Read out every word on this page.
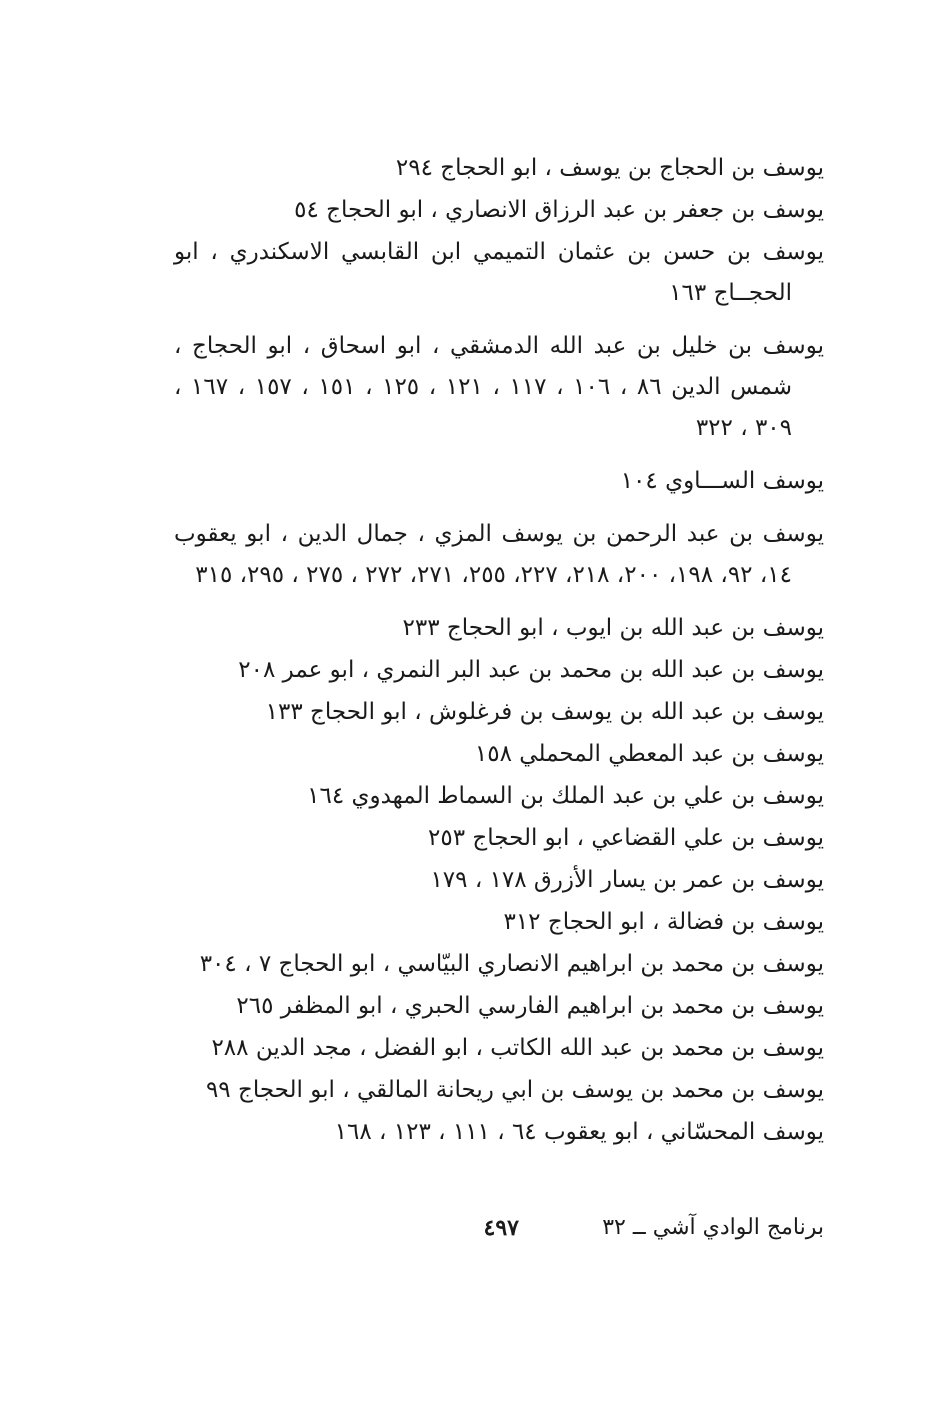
يوسف بن الحجاج بن يوسف ، ابو الحجاج ٢٩٤
يوسف بن جعفر بن عبد الرزاق الانصاري ، ابو الحجاج ٥٤
يوسف بن حسن بن عثمان التميمي ابن القابسي الاسكندري ، ابو الحجــاج ١٦٣
يوسف بن خليل بن عبد الله الدمشقي ، ابو اسحاق ، ابو الحجاج ، شمس الدين ٨٦ ، ١٠٦ ، ١١٧ ، ١٢١ ، ١٢٥ ، ١٥١ ، ١٥٧ ، ١٦٧ ، ٣٠٩ ، ٣٢٢
يوسف الســـاوي ١٠٤
يوسف بن عبد الرحمن بن يوسف المزي ، جمال الدين ، ابو يعقوب ١٤، ٩٢، ١٩٨، ٢٠٠، ٢١٨، ٢٢٧، ٢٥٥، ٢٧١، ٢٧٢ ، ٢٧٥ ، ٢٩٥، ٣١٥
يوسف بن عبد الله بن ايوب ، ابو الحجاج ٢٣٣
يوسف بن عبد الله بن محمد بن عبد البر النمري ، ابو عمر ٢٠٨
يوسف بن عبد الله بن يوسف بن فرغلوش ، ابو الحجاج ١٣٣
يوسف بن عبد المعطي المحملي ١٥٨
يوسف بن علي بن عبد الملك بن السماط المهدوي ١٦٤
يوسف بن علي القضاعي ، ابو الحجاج ٢٥٣
يوسف بن عمر بن يسار الأزرق ١٧٨ ، ١٧٩
يوسف بن فضالة ، ابو الحجاج ٣١٢
يوسف بن محمد بن ابراهيم الانصاري البيّاسي ، ابو الحجاج ٧ ، ٣٠٤
يوسف بن محمد بن ابراهيم الفارسي الحبري ، ابو المظفر ٢٦٥
يوسف بن محمد بن عبد الله الكاتب ، ابو الفضل ، مجد الدين ٢٨٨
يوسف بن محمد بن يوسف بن ابي ريحانة المالقي ، ابو الحجاج ٩٩
يوسف المحسّاني ، ابو يعقوب ٦٤ ، ١١١ ، ١٢٣ ، ١٦٨
برنامج الوادي آشي ــ ٣٢
٤٩٧
